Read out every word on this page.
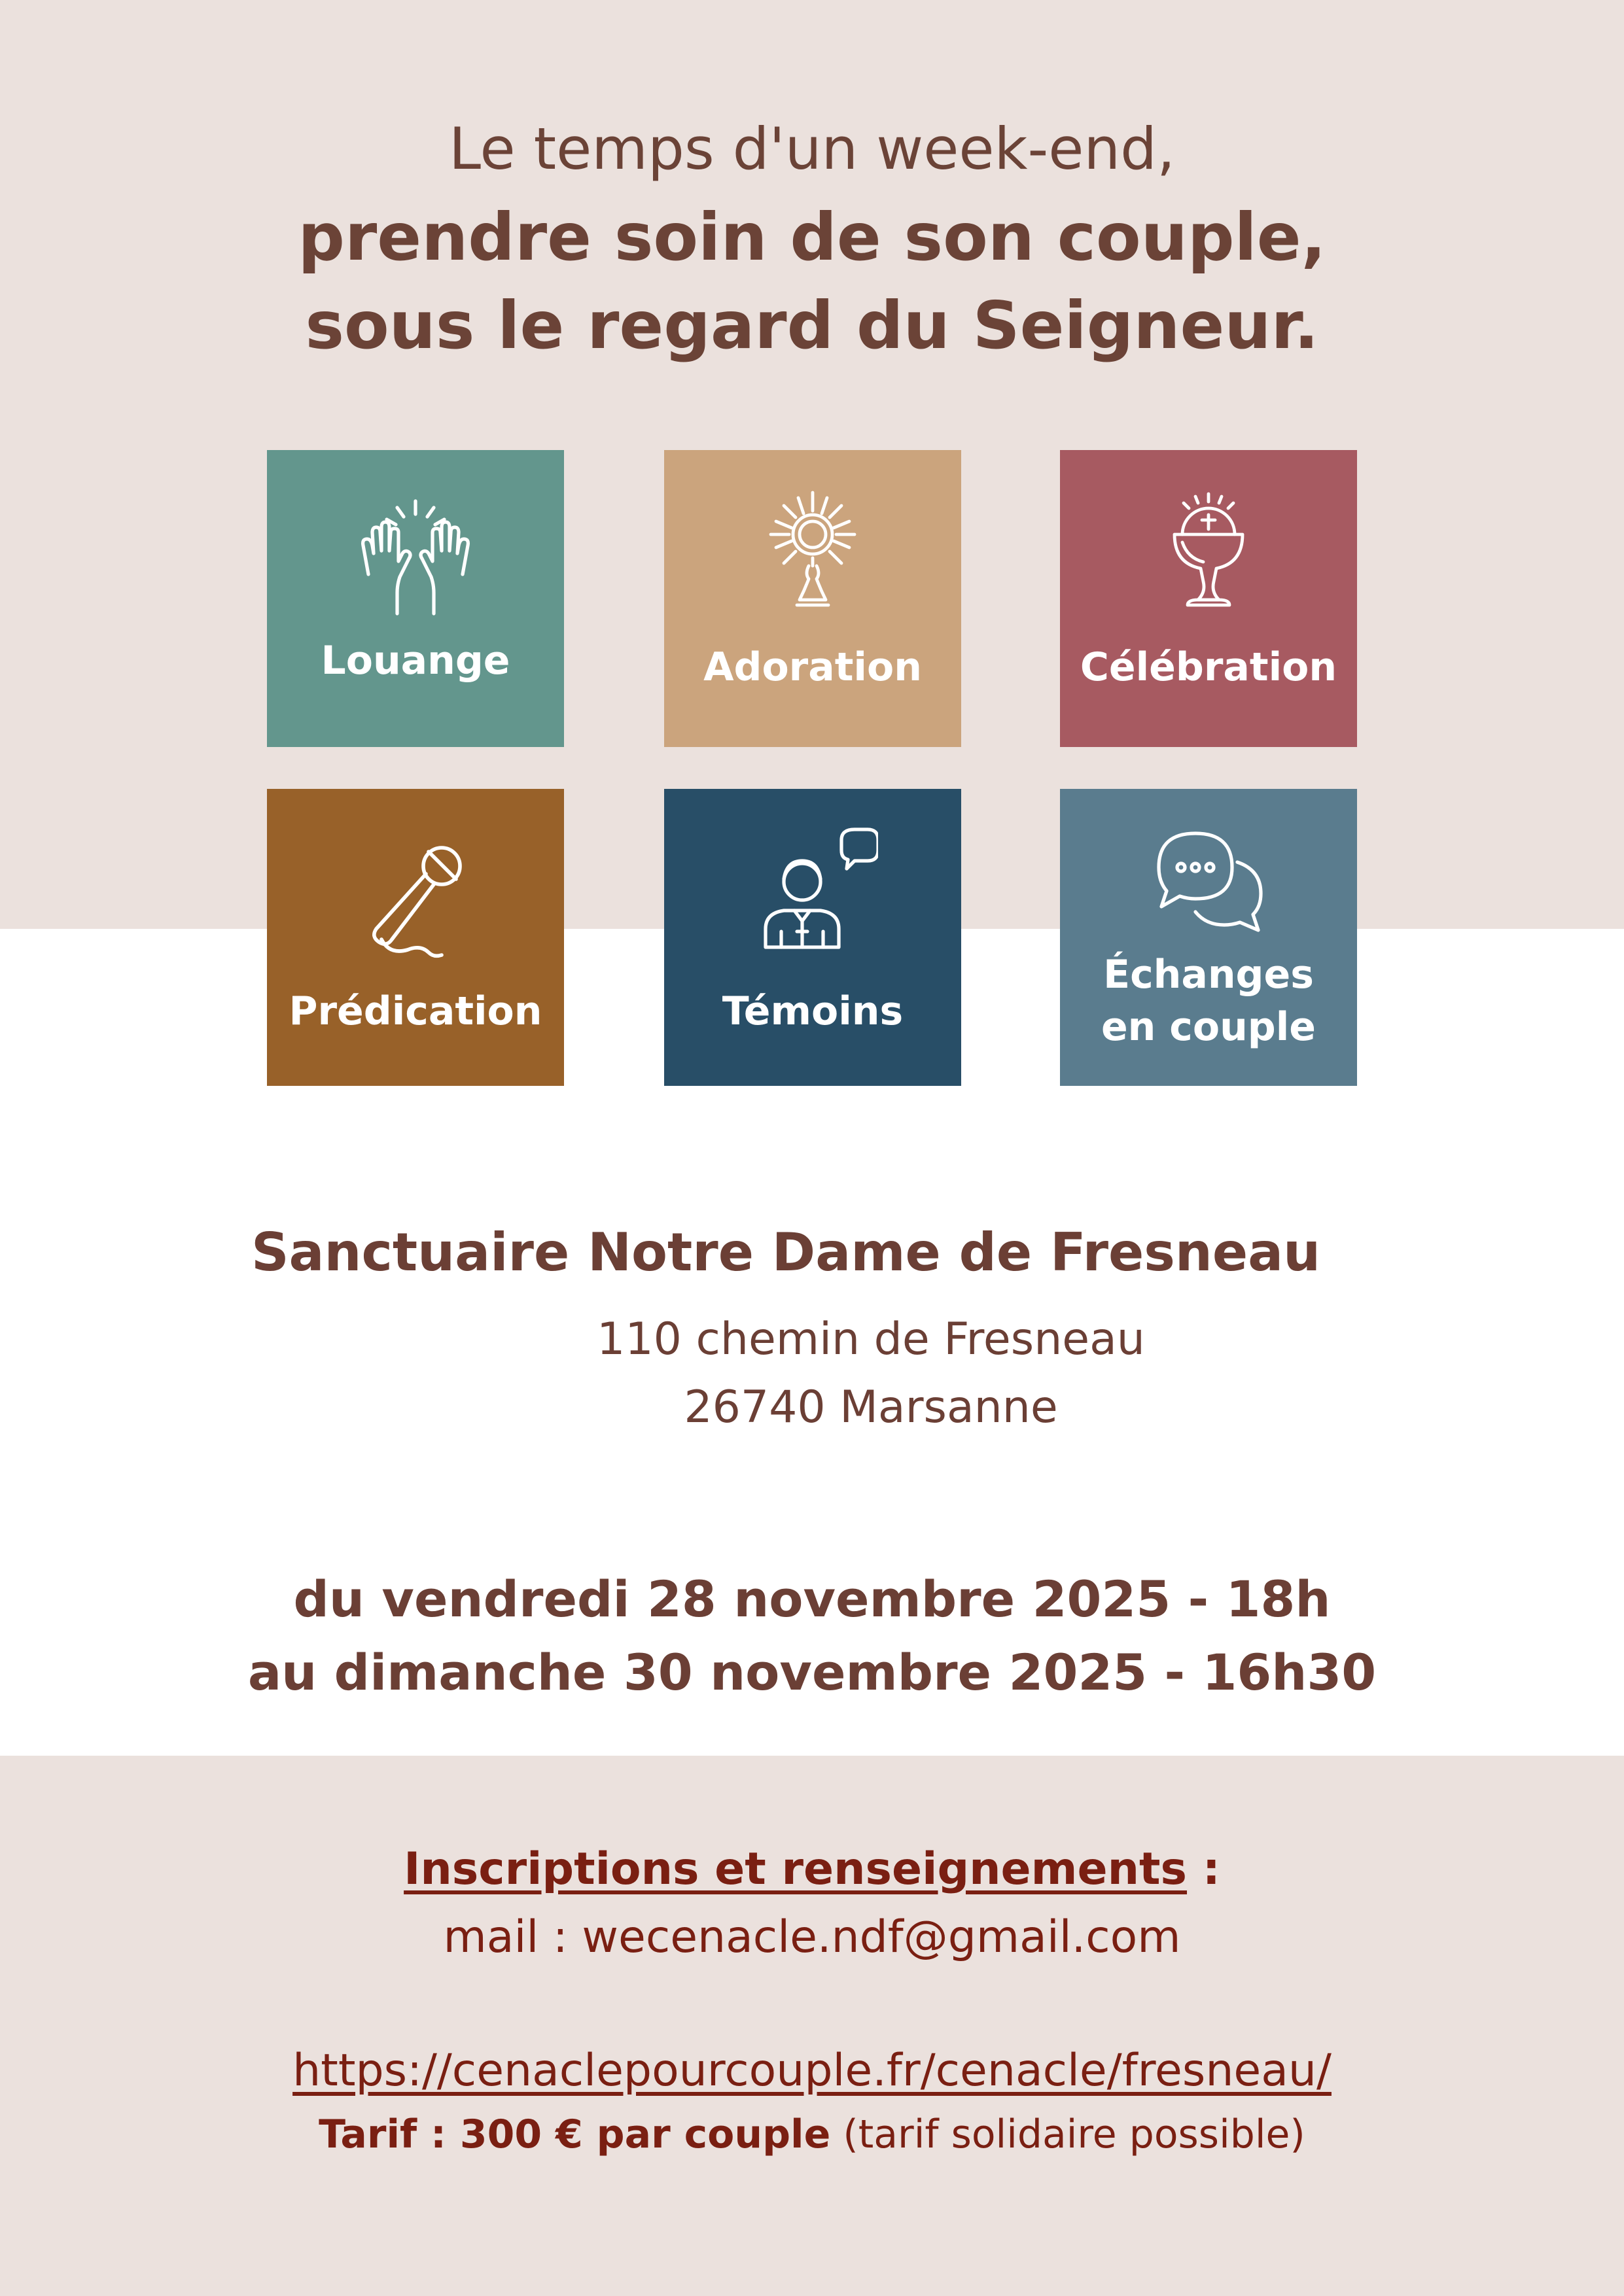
Le temps d'un week-end,
prendre soin de son couple,
sous le regard du Seigneur.
Louange	Adoration	Célébration
Prédication	Témoins
Échanges
en couple
Sanctuaire Notre Dame de Fresneau
110 chemin de Fresneau
26740 Marsanne
du vendredi 28 novembre 2025 - 18h
au dimanche 30 novembre 2025 - 16h30
Inscriptions et renseignements :
mail : wecenacle.ndf@gmail.com
https://cenaclepourcouple.fr/cenacle/fresneau/
Tarif : 300 € par couple (tarif solidaire possible)
